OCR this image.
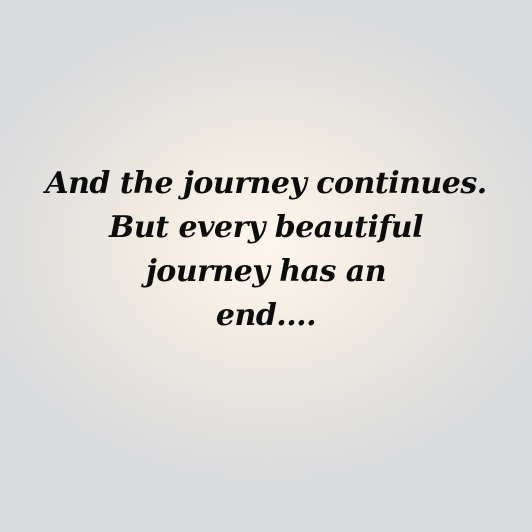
And the journey continues.
But every beautiful
journey has an
end....
